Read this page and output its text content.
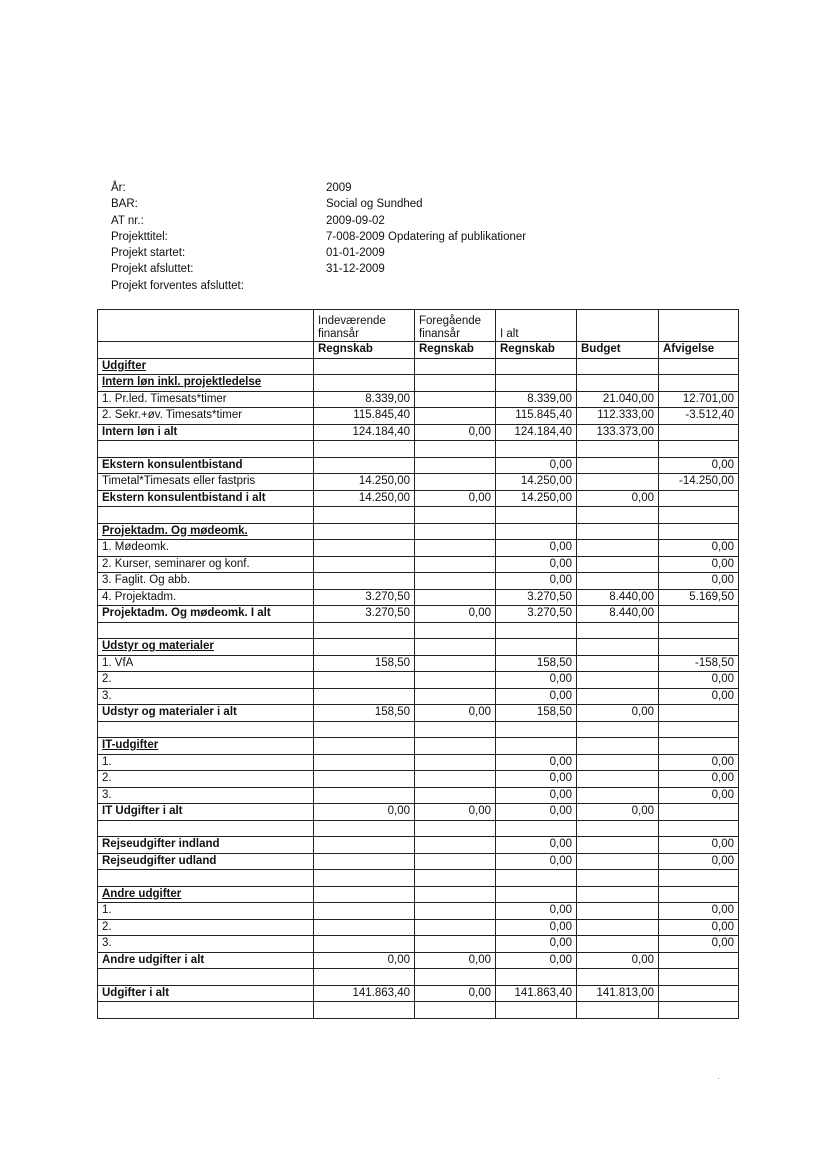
År:	2009
BAR:	Social og Sundhed
AT nr.:	2009-09-02
Projekttitel:	7-008-2009 Opdatering af publikationer
Projekt startet:	01-01-2009
Projekt afsluttet:	31-12-2009
Projekt forventes afsluttet:
	Indeværende finansår	Foregående finansår	I alt		
	Regnskab	Regnskab	Regnskab	Budget	Afvigelse
Udgifter					
Intern løn inkl. projektledelse					
1. Pr.led. Timesats*timer	8.339,00		8.339,00	21.040,00	12.701,00
2. Sekr.+øv. Timesats*timer	115.845,40		115.845,40	112.333,00	-3.512,40
Intern løn i alt	124.184,40	0,00	124.184,40	133.373,00	

Ekstern konsulentbistand			0,00		0,00
Timetal*Timesats eller fastpris	14.250,00		14.250,00		-14.250,00
Ekstern konsulentbistand i alt	14.250,00	0,00	14.250,00	0,00	

Projektadm. Og mødeomk.					
1. Mødeomk.			0,00		0,00
2. Kurser, seminarer og konf.			0,00		0,00
3. Faglit. Og abb.			0,00		0,00
4. Projektadm.	3.270,50		3.270,50	8.440,00	5.169,50
Projektadm. Og mødeomk. I alt	3.270,50	0,00	3.270,50	8.440,00	

Udstyr og materialer					
1. VfA	158,50		158,50		-158,50
2.			0,00		0,00
3.			0,00		0,00
Udstyr og materialer i alt	158,50	0,00	158,50	0,00	

IT-udgifter					
1.			0,00		0,00
2.			0,00		0,00
3.			0,00		0,00
IT Udgifter i alt	0,00	0,00	0,00	0,00	

Rejseudgifter indland			0,00		0,00
Rejseudgifter udland			0,00		0,00

Andre udgifter					
1.			0,00		0,00
2.			0,00		0,00
3.			0,00		0,00
Andre udgifter i alt	0,00	0,00	0,00	0,00	

Udgifter i alt	141.863,40	0,00	141.863,40	141.813,00	
